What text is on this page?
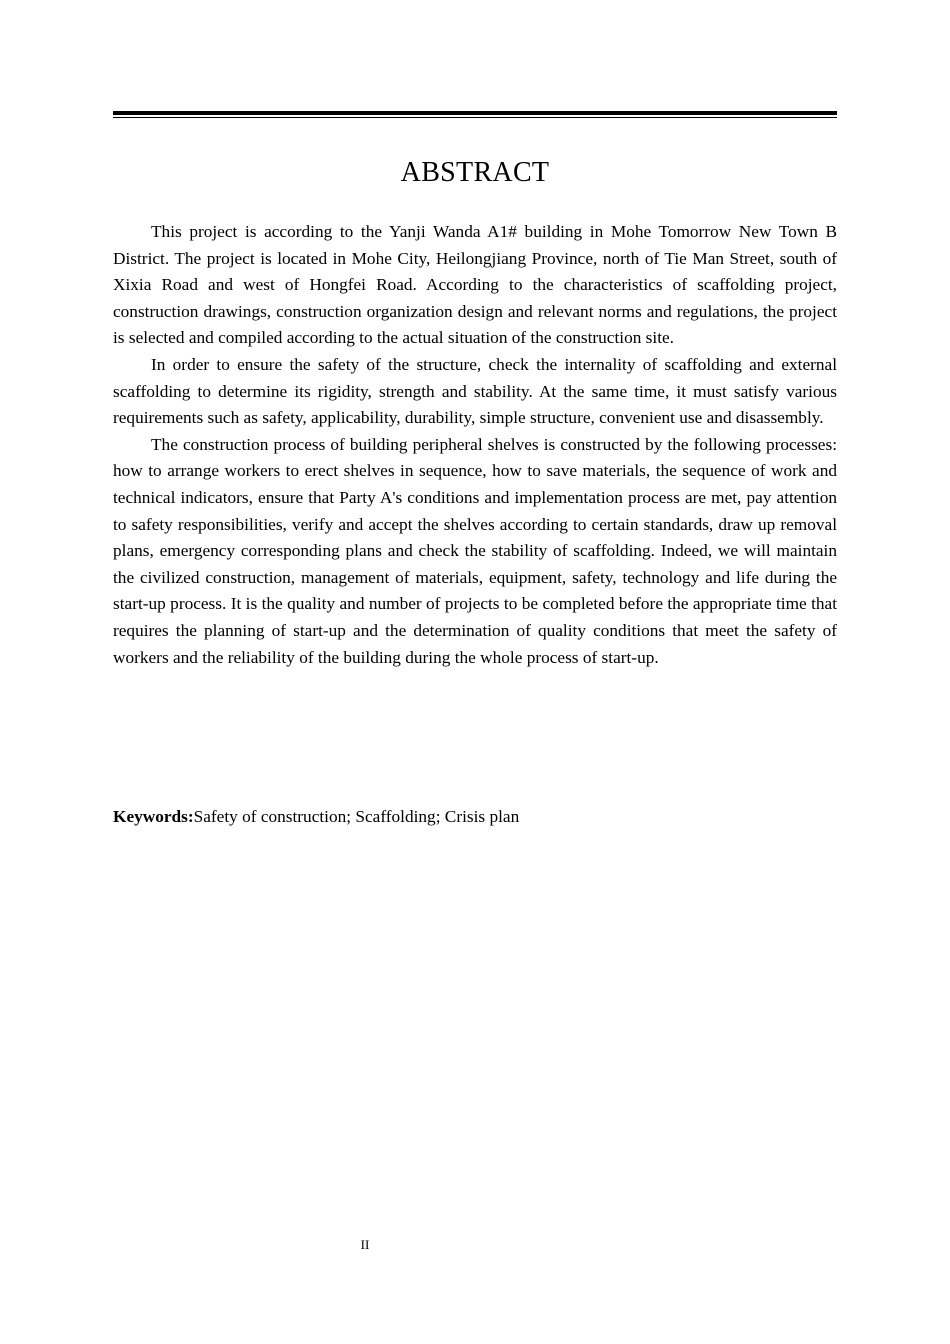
ABSTRACT

This project is according to the Yanji Wanda A1# building in Mohe Tomorrow New Town B District. The project is located in Mohe City, Heilongjiang Province, north of Tie Man Street, south of Xixia Road and west of Hongfei Road. According to the characteristics of scaffolding project, construction drawings, construction organization design and relevant norms and regulations, the project is selected and compiled according to the actual situation of the construction site.

In order to ensure the safety of the structure, check the internality of scaffolding and external scaffolding to determine its rigidity, strength and stability. At the same time, it must satisfy various requirements such as safety, applicability, durability, simple structure, convenient use and disassembly.

The construction process of building peripheral shelves is constructed by the following processes: how to arrange workers to erect shelves in sequence, how to save materials, the sequence of work and technical indicators, ensure that Party A's conditions and implementation process are met, pay attention to safety responsibilities, verify and accept the shelves according to certain standards, draw up removal plans, emergency corresponding plans and check the stability of scaffolding. Indeed, we will maintain the civilized construction, management of materials, equipment, safety, technology and life during the start-up process. It is the quality and number of projects to be completed before the appropriate time that requires the planning of start-up and the determination of quality conditions that meet the safety of workers and the reliability of the building during the whole process of start-up.

Keywords:Safety of construction; Scaffolding; Crisis plan
II
